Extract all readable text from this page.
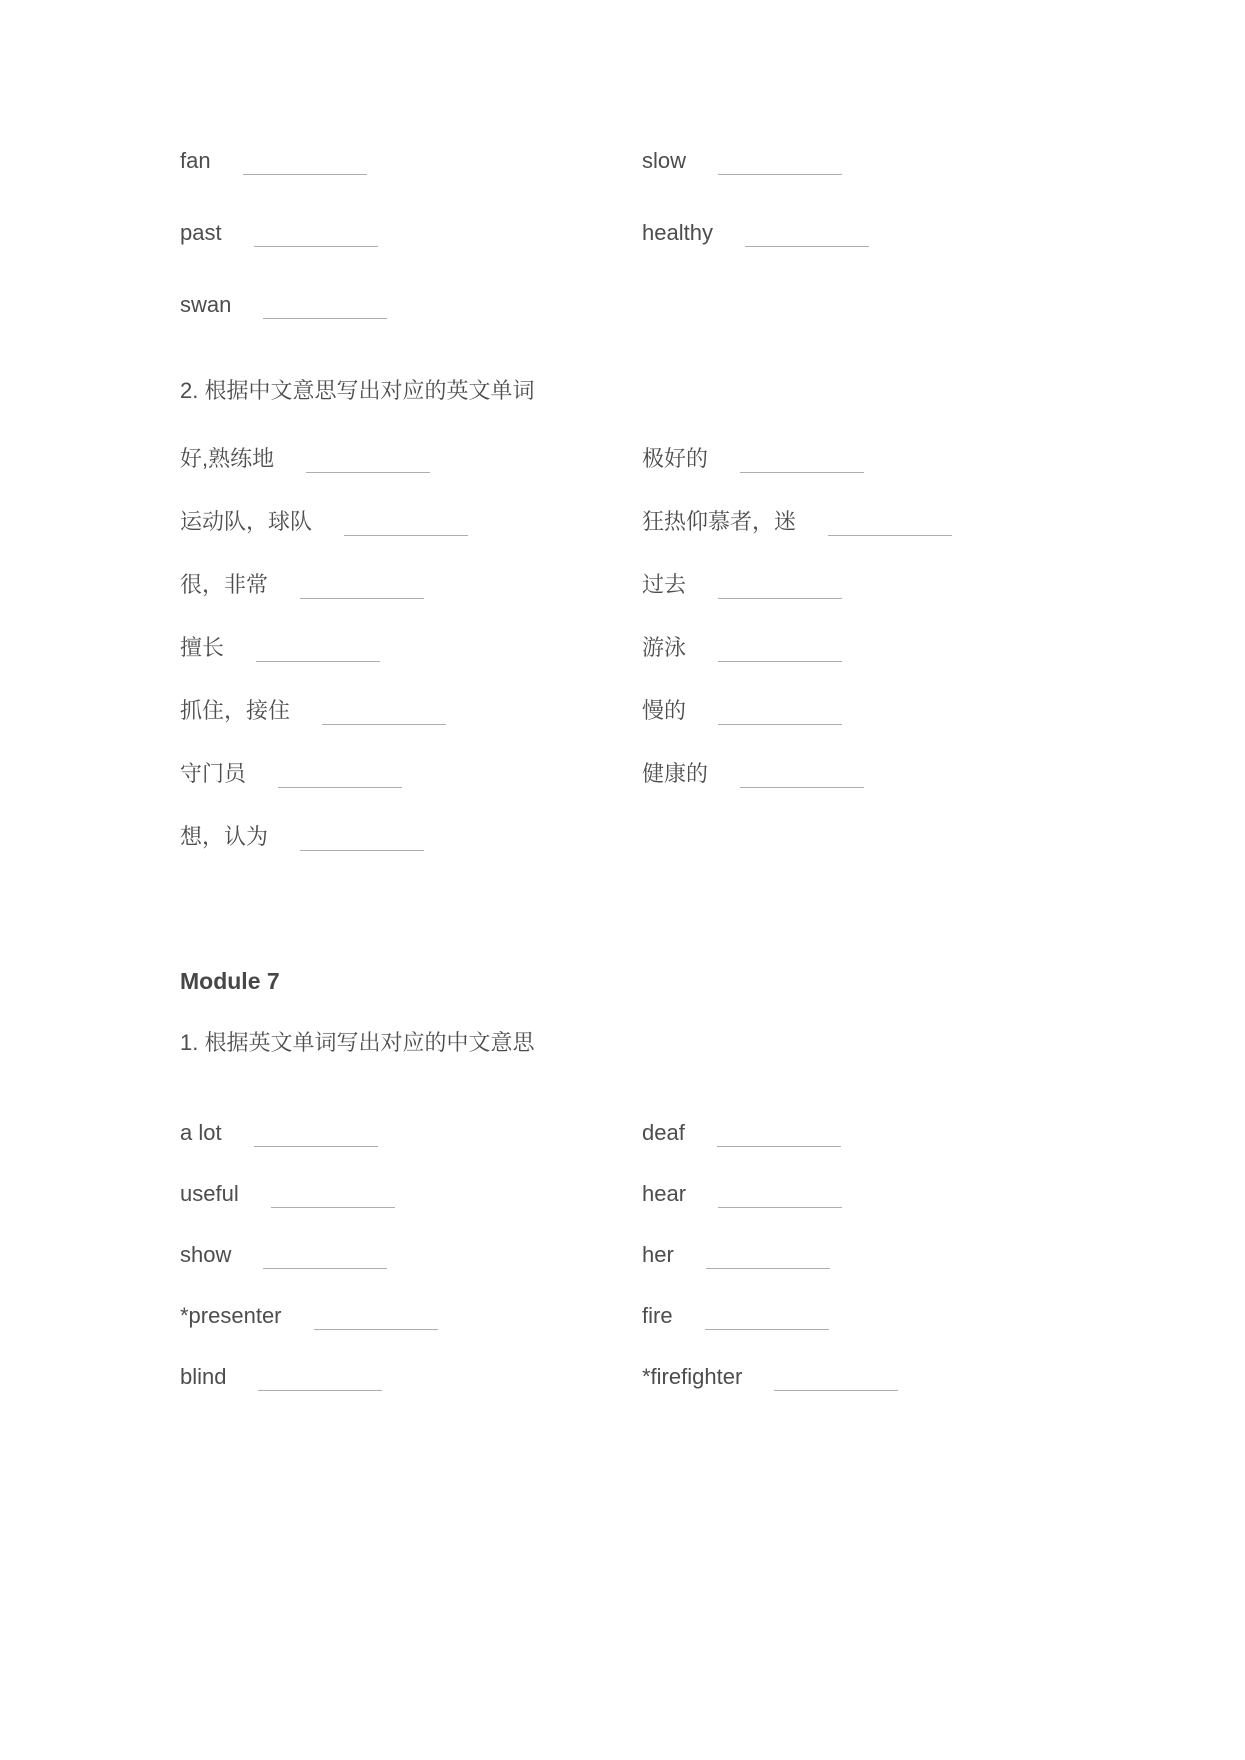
fan	slow
past	healthy
swan
2. 根据中文意思写出对应的英文单词
好,熟练地	极好的
运动队，球队	狂热仰慕者，迷
很，非常	过去
擅长	游泳
抓住，接住	慢的
守门员	健康的
想，认为
Module 7
1. 根据英文单词写出对应的中文意思
a lot	deaf
useful	hear
show	her
*presenter	fire
blind	*firefighter
